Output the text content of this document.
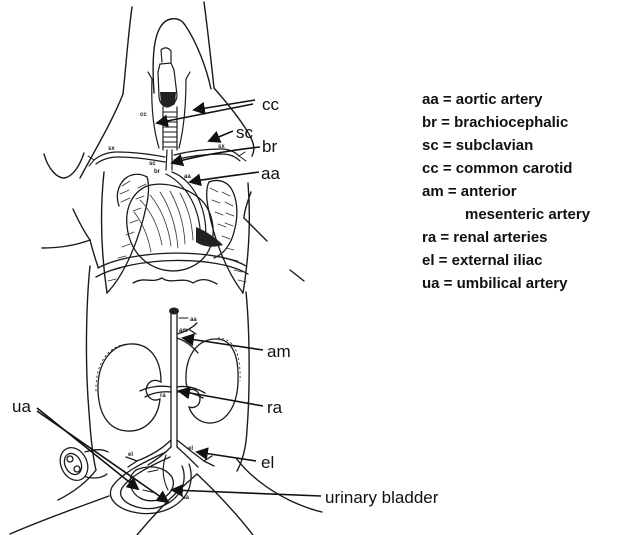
cc
sc
br
aa
am
ra
el
ua
urinary bladder
cc
sx	sx
sc
br
aa
aa
am
ra
el
el
ua
aa = aortic artery
br = brachiocephalic
sc = subclavian
cc = common carotid
am = anterior
mesenteric artery
ra = renal arteries
el = external iliac
ua = umbilical artery
